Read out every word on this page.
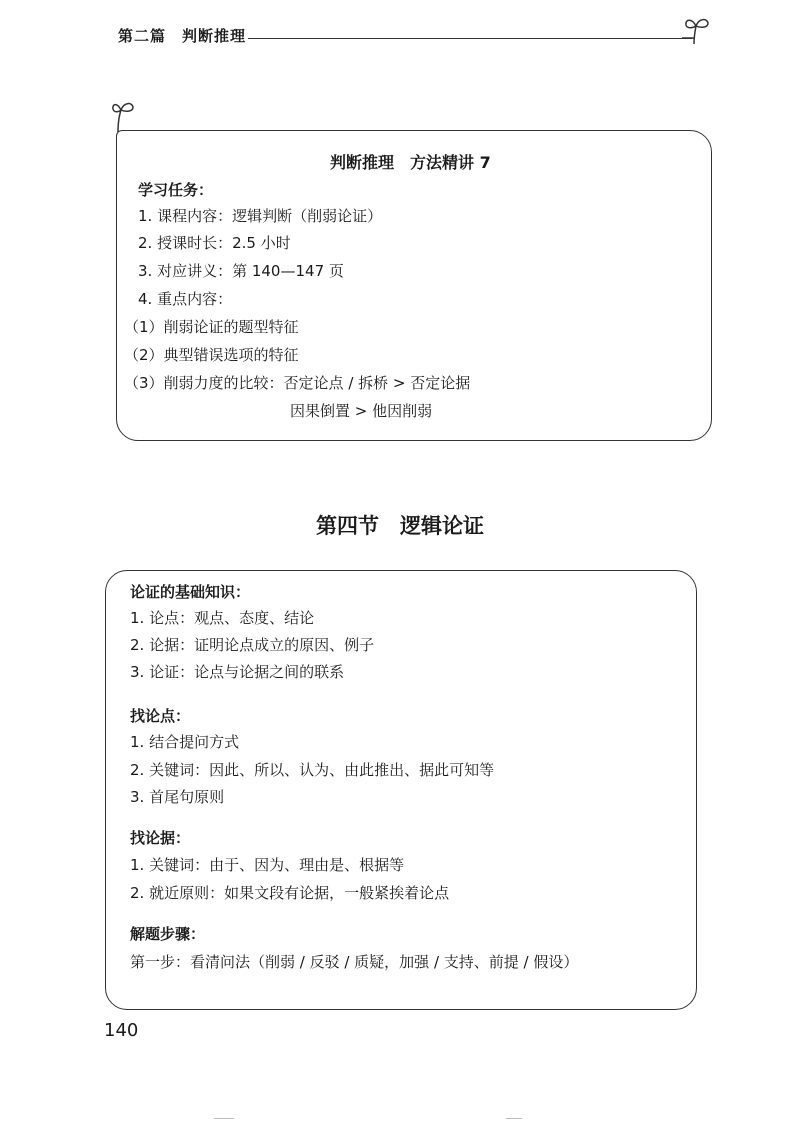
第二篇　判断推理
判断推理　方法精讲 7
学习任务：
1. 课程内容：逻辑判断（削弱论证）
2. 授课时长：2.5 小时
3. 对应讲义：第 140—147 页
4. 重点内容：
（1）削弱论证的题型特征
（2）典型错误选项的特征
（3）削弱力度的比较：否定论点 / 拆桥 > 否定论据
因果倒置 > 他因削弱
第四节　逻辑论证
论证的基础知识：
1. 论点：观点、态度、结论
2. 论据：证明论点成立的原因、例子
3. 论证：论点与论据之间的联系
找论点：
1. 结合提问方式
2. 关键词：因此、所以、认为、由此推出、据此可知等
3. 首尾句原则
找论据：
1. 关键词：由于、因为、理由是、根据等
2. 就近原则：如果文段有论据，一般紧挨着论点
解题步骤：
第一步：看清问法（削弱 / 反驳 / 质疑，加强 / 支持、前提 / 假设）
140
